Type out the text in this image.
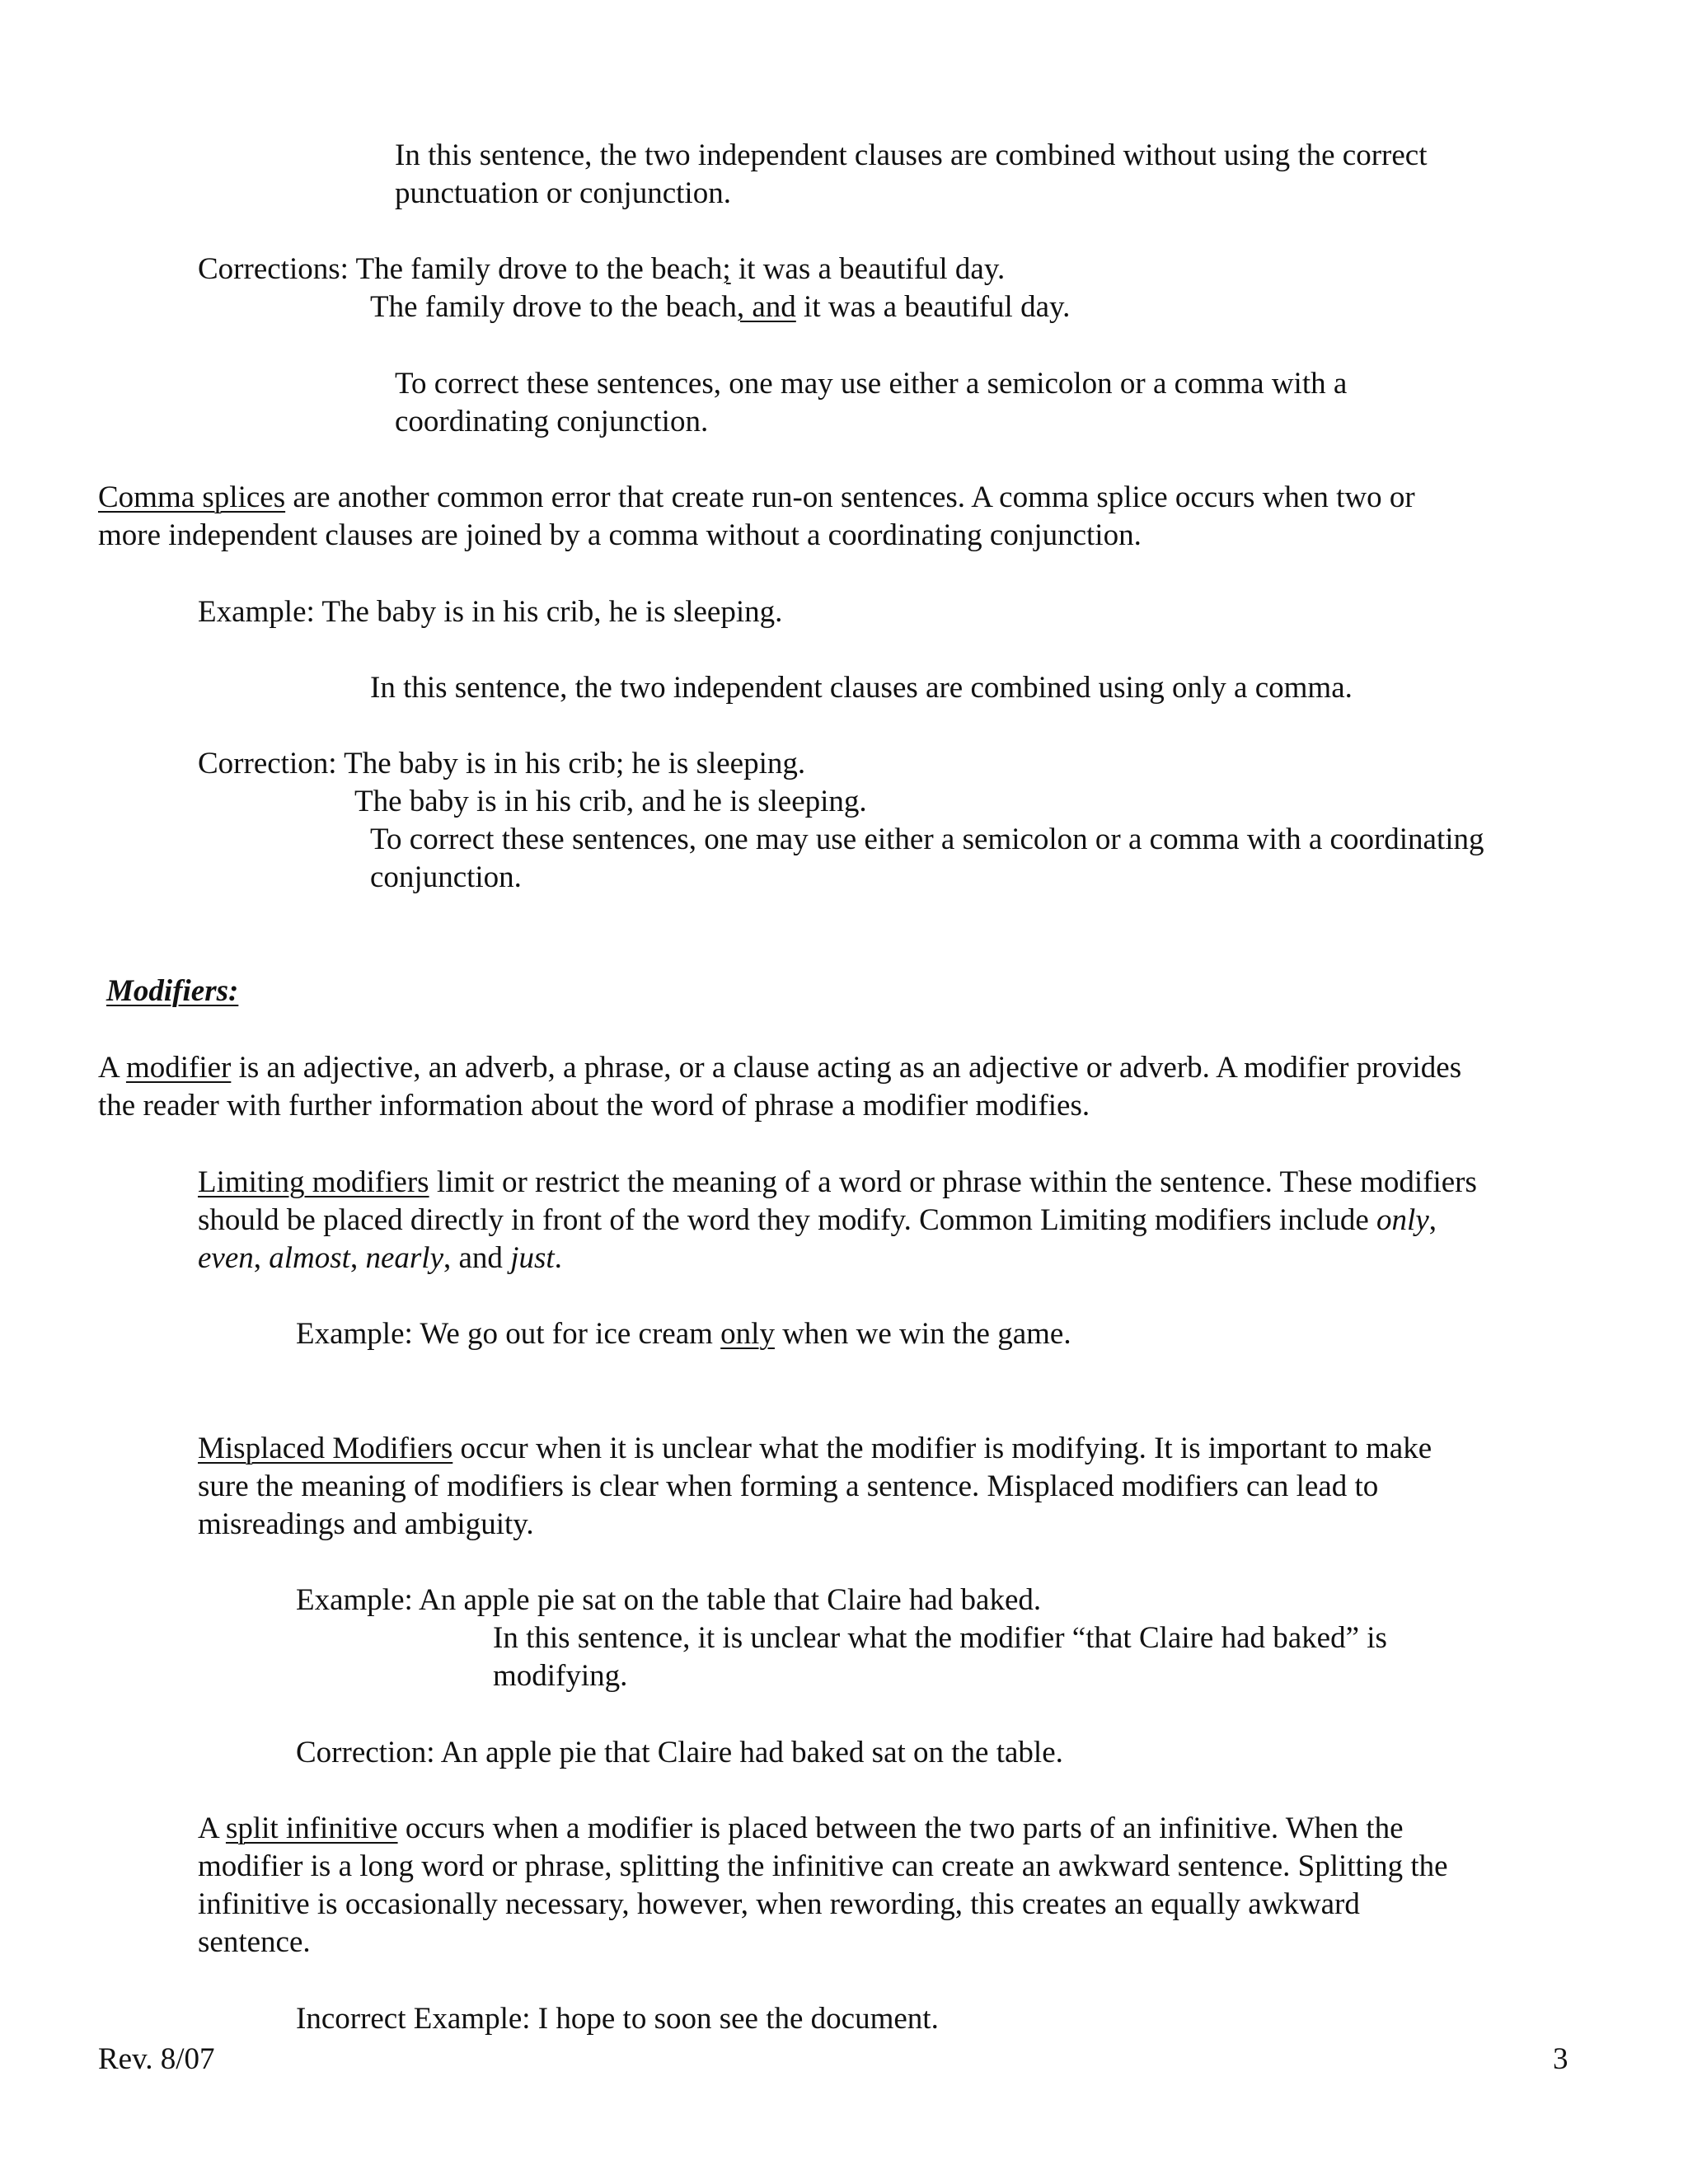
In this sentence, the two independent clauses are combined without using the correct

punctuation or conjunction.

Corrections: The family drove to the beach; it was a beautiful day.

The family drove to the beach, and it was a beautiful day.

To correct these sentences, one may use either a semicolon or a comma with a

coordinating conjunction.

Comma splices are another common error that create run-on sentences. A comma splice occurs when two or

more independent clauses are joined by a comma without a coordinating conjunction.

Example: The baby is in his crib, he is sleeping.

In this sentence, the two independent clauses are combined using only a comma.

Correction: The baby is in his crib; he is sleeping.

The baby is in his crib, and he is sleeping.

To correct these sentences, one may use either a semicolon or a comma with a coordinating

conjunction.

Modifiers:

A modifier is an adjective, an adverb, a phrase, or a clause acting as an adjective or adverb. A modifier provides

the reader with further information about the word of phrase a modifier modifies.

Limiting modifiers limit or restrict the meaning of a word or phrase within the sentence. These modifiers

should be placed directly in front of the word they modify. Common Limiting modifiers include only,

even, almost, nearly, and just.

Example: We go out for ice cream only when we win the game.

Misplaced Modifiers occur when it is unclear what the modifier is modifying. It is important to make

sure the meaning of modifiers is clear when forming a sentence. Misplaced modifiers can lead to

misreadings and ambiguity.

Example: An apple pie sat on the table that Claire had baked.

In this sentence, it is unclear what the modifier “that Claire had baked” is

modifying.

Correction: An apple pie that Claire had baked sat on the table.

A split infinitive occurs when a modifier is placed between the two parts of an infinitive. When the

modifier is a long word or phrase, splitting the infinitive can create an awkward sentence. Splitting the

infinitive is occasionally necessary, however, when rewording, this creates an equally awkward

sentence.

Incorrect Example: I hope to soon see the document.

Rev. 8/07	3
